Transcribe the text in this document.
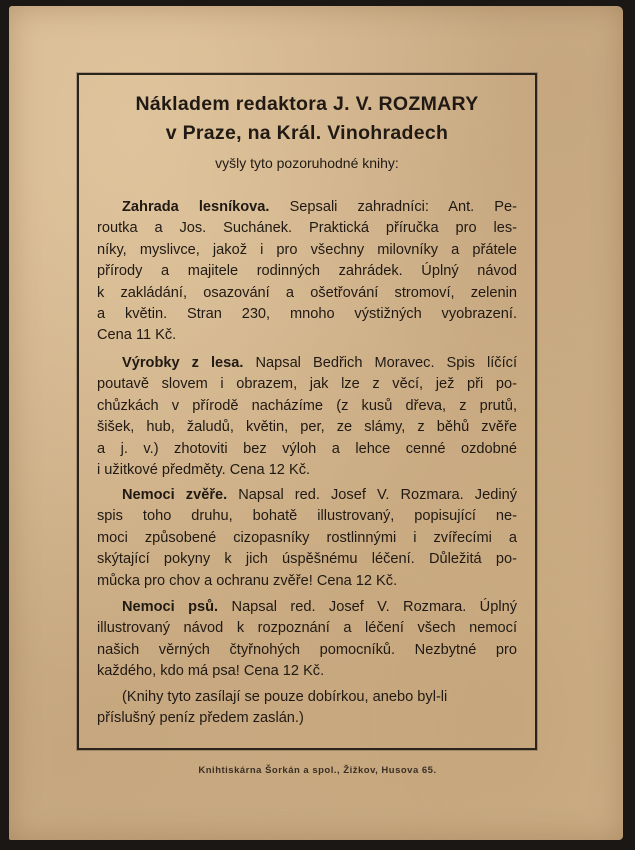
Nákladem redaktora J. V. ROZMARY
v Praze, na Král. Vinohradech
vyšly tyto pozoruhodné knihy:
Zahrada lesníkova. Sepsali zahradníci: Ant. Pe-
routka a Jos. Suchánek. Praktická příručka pro les-
níky, myslivce, jakož i pro všechny milovníky a přátele
přírody a majitele rodinných zahrádek. Úplný návod
k zakládání, osazování a ošetřování stromoví, zelenin
a květin. Stran 230, mnoho výstižných vyobrazení.
Cena 11 Kč.
Výrobky z lesa. Napsal Bedřich Moravec. Spis líčící
poutavě slovem i obrazem, jak lze z věcí, jež při po-
chůzkách v přírodě nacházíme (z kusů dřeva, z prutů,
šišek, hub, žaludů, květin, per, ze slámy, z běhů zvěře
a j. v.) zhotoviti bez výloh a lehce cenné ozdobné
i užitkové předměty. Cena 12 Kč.
Nemoci zvěře. Napsal red. Josef V. Rozmara. Jediný
spis toho druhu, bohatě illustrovaný, popisující ne-
moci způsobené cizopasníky rostlinnými i zvířecími a
skýtající pokyny k jich úspěšnému léčení. Důležitá po-
můcka pro chov a ochranu zvěře! Cena 12 Kč.
Nemoci psů. Napsal red. Josef V. Rozmara. Úplný
illustrovaný návod k rozpoznání a léčení všech nemocí
našich věrných čtyřnohých pomocníků. Nezbytné pro
každého, kdo má psa! Cena 12 Kč.
(Knihy tyto zasílají se pouze dobírkou, anebo byl-li
příslušný peníz předem zaslán.)
Knihtiskárna Šorkán a spol., Žižkov, Husova 65.
